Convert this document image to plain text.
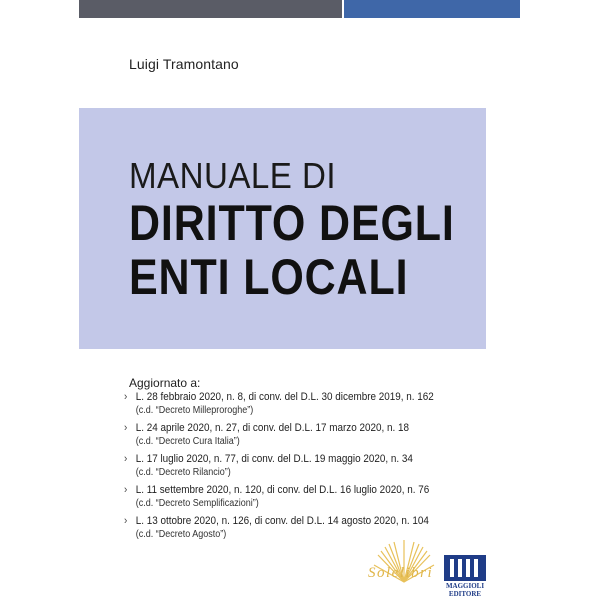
Luigi Tramontano
MANUALE DI
DIRITTO DEGLI
ENTI LOCALI
Aggiornato a:
› L. 28 febbraio 2020, n. 8, di conv. del D.L. 30 dicembre 2019, n. 162
(c.d. “Decreto Milleproroghe”)
› L. 24 aprile 2020, n. 27, di conv. del D.L. 17 marzo 2020, n. 18
(c.d. “Decreto Cura Italia”)
› L. 17 luglio 2020, n. 77, di conv. del D.L. 19 maggio 2020, n. 34
(c.d. “Decreto Rilancio”)
› L. 11 settembre 2020, n. 120, di conv. del D.L. 16 luglio 2020, n. 76
(c.d. “Decreto Semplificazioni”)
› L. 13 ottobre 2020, n. 126, di conv. del D.L. 14 agosto 2020, n. 104
(c.d. “Decreto Agosto”)
Solelibri
MAGGIOLI
EDITORE
